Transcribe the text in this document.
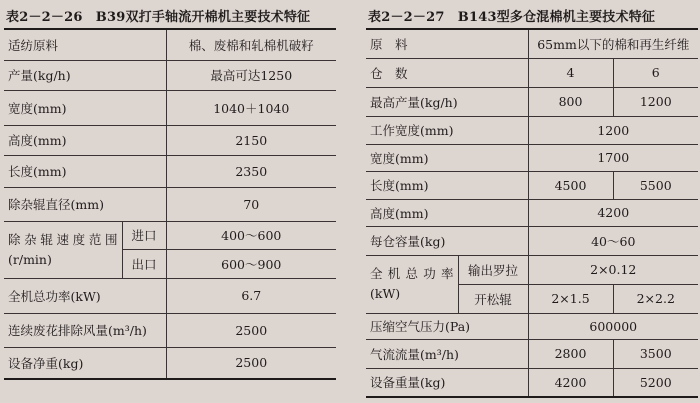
表2－2－26　B39双打手轴流开棉机主要技术特征	表2－2－27　B143型多仓混棉机主要技术特征
适纺原料		棉、废棉和轧棉机破籽
产量(kg/h)		最高可达1250
宽度(mm)		1040＋1040
高度(mm)		2150
长度(mm)		2350
除杂辊直径(mm)		70

除杂辊速度范围
(r/min)	进口	400～600
	出口	600～900
全机总功率(kW)		6.7
连续废花排除风量(m³/h)		2500
设备净重(kg)		2500
原　料		65mm以下的棉和再生纤维	
仓　数		4	6
最高产量(kg/h)		800	1200
工作宽度(mm)		1200	
宽度(mm)		1700	
长度(mm)		4500	5500
高度(mm)		4200	
每仓容量(kg)		40～60	

全机总功率
(kW)	输出罗拉	2×0.12	
	开松辊	2×1.5	2×2.2
压缩空气压力(Pa)		600000	
气流流量(m³/h)		2800	3500
设备重量(kg)		4200	5200
